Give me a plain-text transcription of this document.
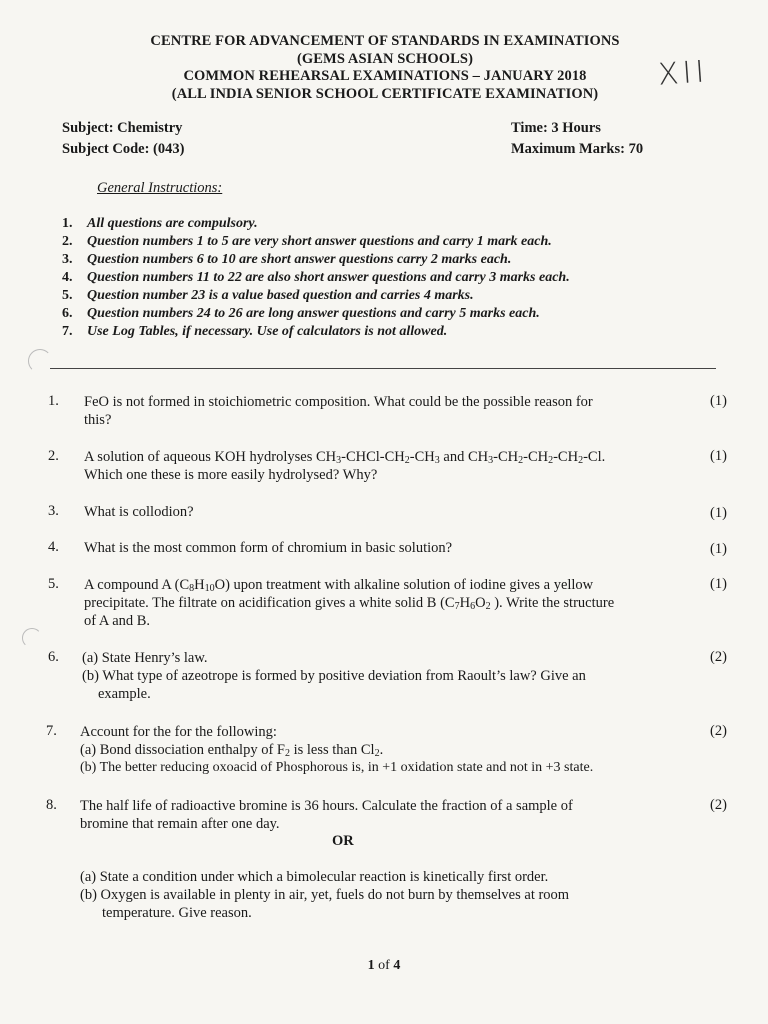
CENTRE FOR ADVANCEMENT OF STANDARDS IN EXAMINATIONS
(GEMS ASIAN SCHOOLS)
COMMON REHEARSAL EXAMINATIONS – JANUARY 2018
(ALL INDIA SENIOR SCHOOL CERTIFICATE EXAMINATION)
XII
Subject: Chemistry
Subject Code: (043)
Time: 3 Hours
Maximum Marks: 70
General Instructions:
1.	All questions are compulsory.
2.	Question numbers 1 to 5 are very short answer questions and carry 1 mark each.
3.	Question numbers 6 to 10 are short answer questions carry 2 marks each.
4.	Question numbers 11 to 22 are also short answer questions and carry 3 marks each.
5.	Question number 23 is a value based question and carries 4 marks.
6.	Question numbers 24 to 26 are long answer questions and carry 5 marks each.
7.	Use Log Tables, if necessary. Use of calculators is not allowed.
1. FeO is not formed in stoichiometric composition. What could be the possible reason for
this?
(1)
2. A solution of aqueous KOH hydrolyses $CH_3-CHCl-CH_2-CH_3$ and $CH_3-CH_2-CH_2-CH_2-Cl$.
Which one these is more easily hydrolysed? Why?
(1)
3. What is collodion?	(1)
4. What is the most common form of chromium in basic solution?	(1)
5. A compound A $(C_8H_{10}O)$ upon treatment with alkaline solution of iodine gives a yellow
precipitate. The filtrate on acidification gives a white solid B ($C_7H_6O_2$ ). Write the structure
of A and B.
(1)
6. (a) State Henry’s law.
(b) What type of azeotrope is formed by positive deviation from Raoult’s law? Give an
example.
(2)
7. Account for the for the following:
(a) Bond dissociation enthalpy of $F_2$ is less than $Cl_2$.
(b) The better reducing oxoacid of Phosphorous is, in +1 oxidation state and not in +3 state.
(2)
8. The half life of radioactive bromine is 36 hours. Calculate the fraction of a sample of
bromine that remain after one day.
(2)
OR
(a) State a condition under which a bimolecular reaction is kinetically first order.
(b) Oxygen is available in plenty in air, yet, fuels do not burn by themselves at room
temperature. Give reason.
1 of 4
